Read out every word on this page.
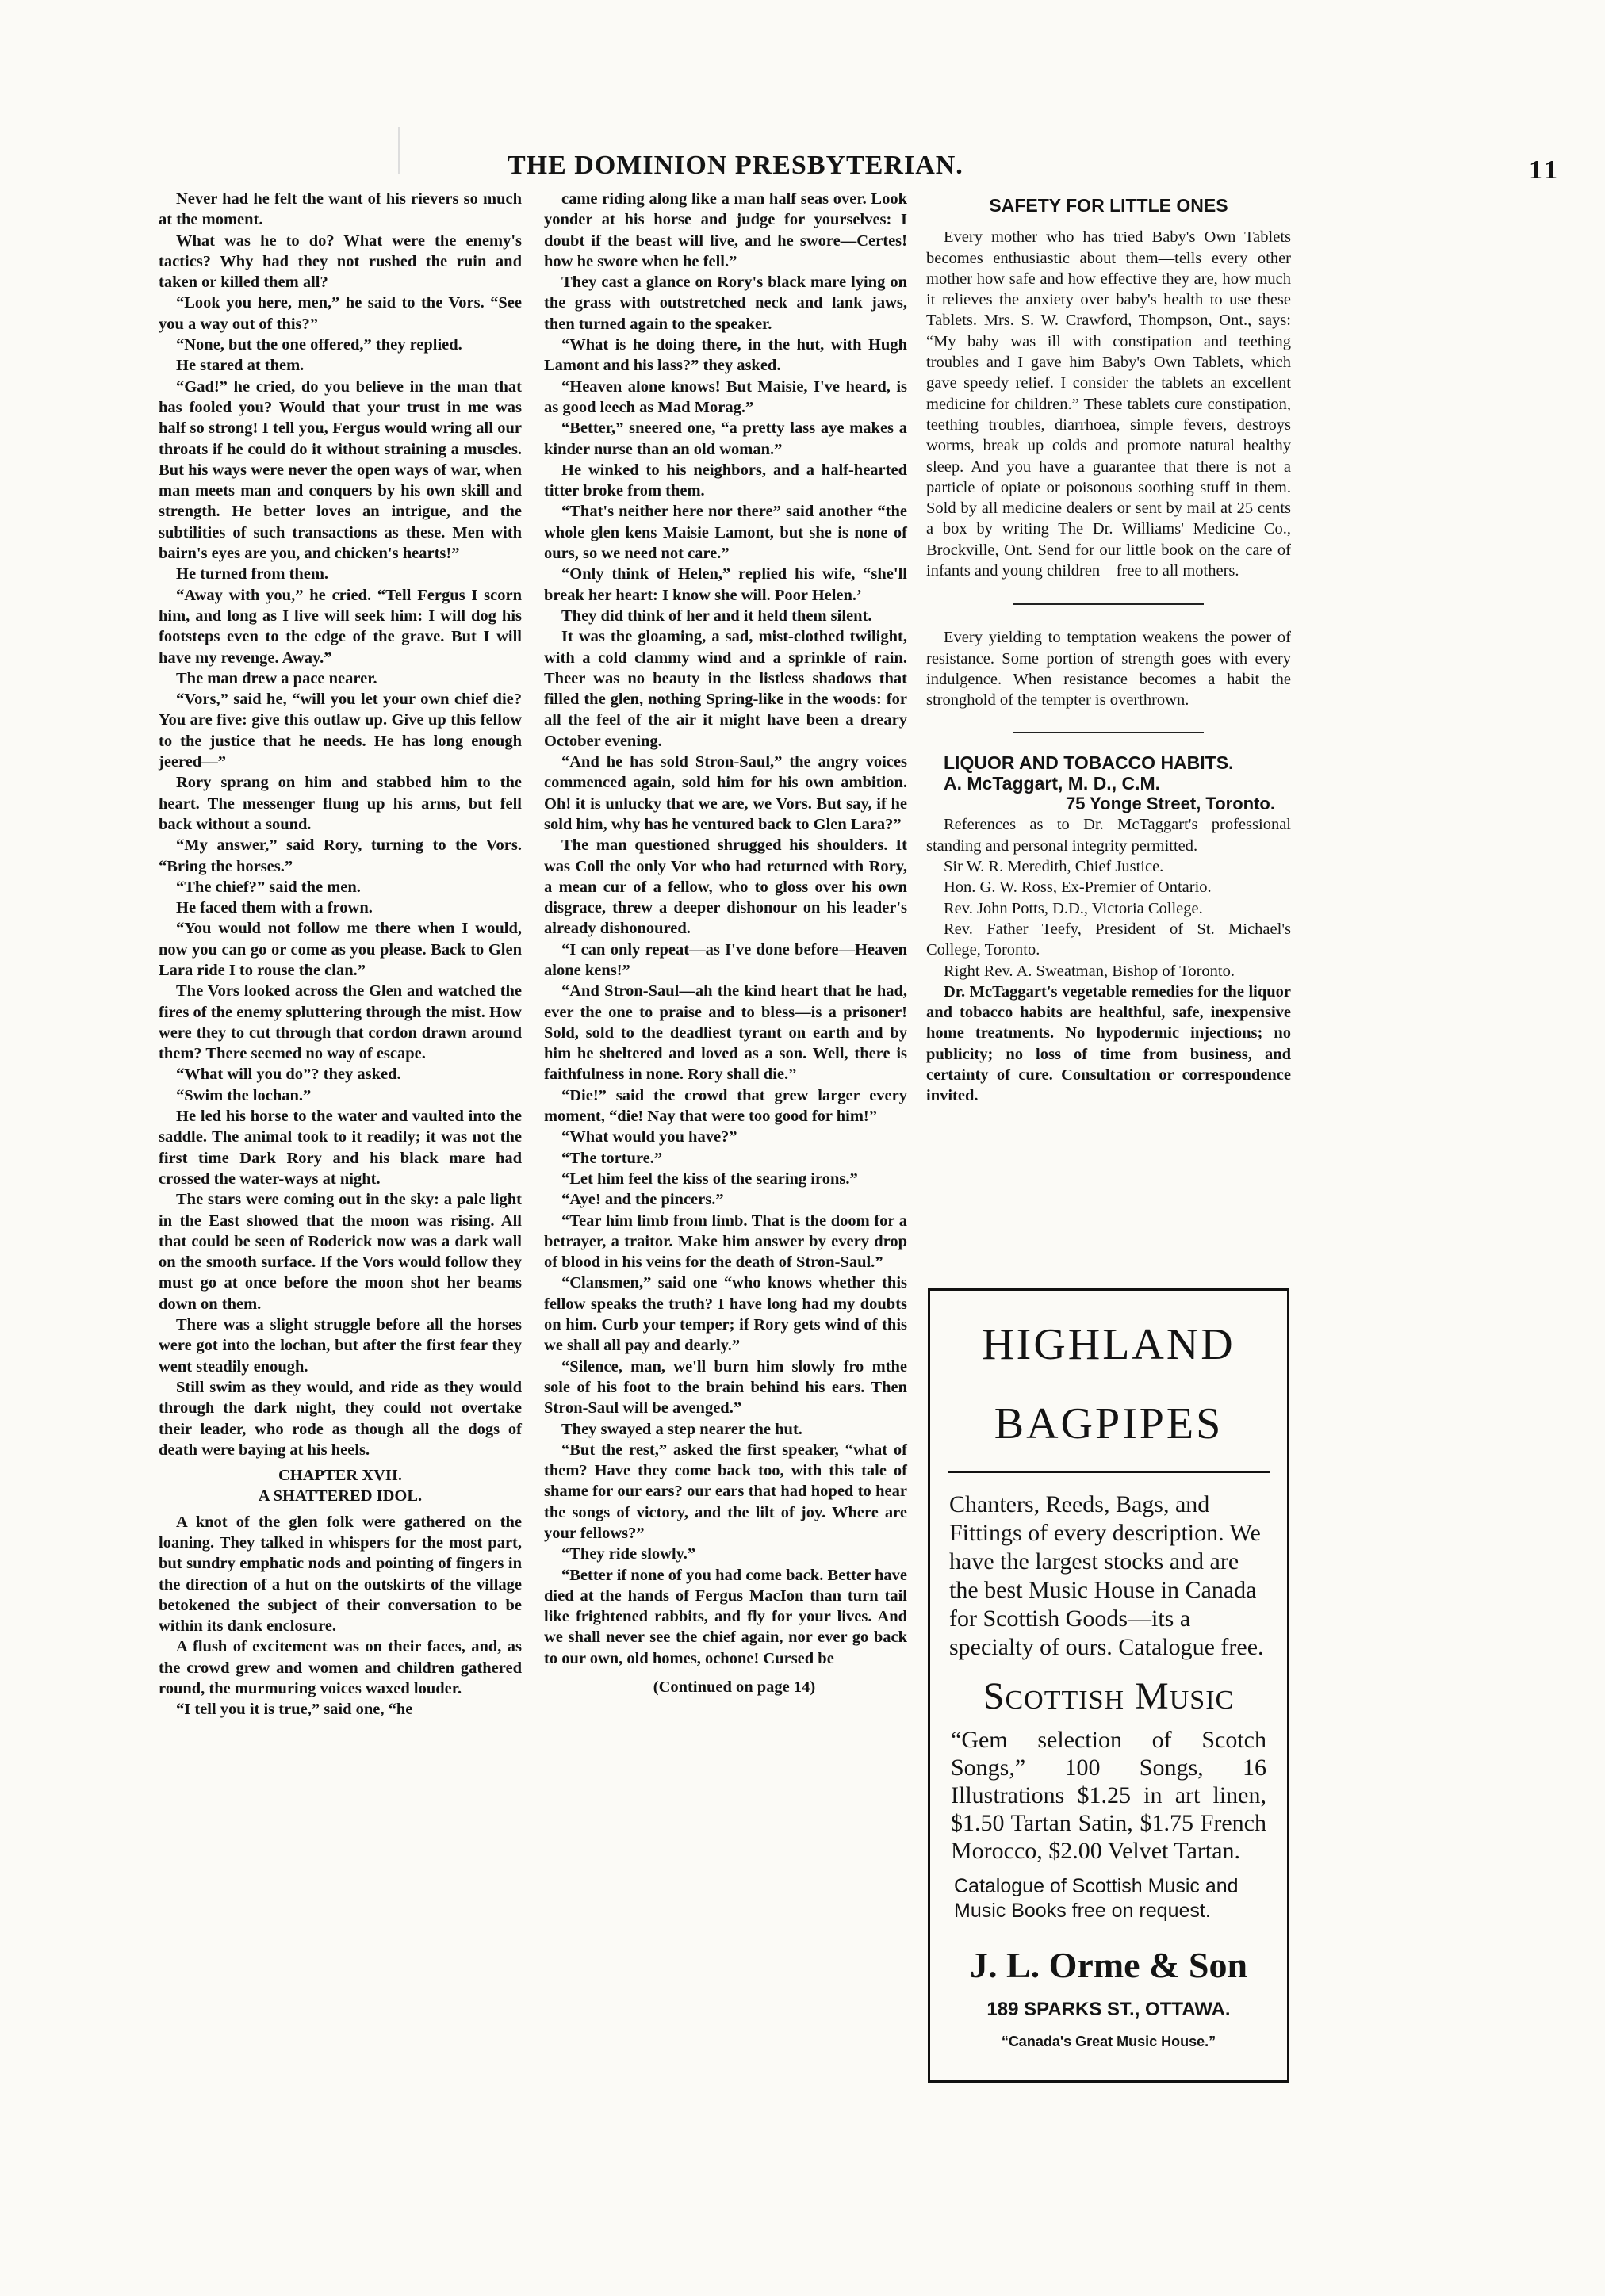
THE DOMINION PRESBYTERIAN.	11

Never had he felt the want of his rievers so much at the moment.

What was he to do? What were the enemy's tactics? Why had they not rushed the ruin and taken or killed them all?

“Look you here, men,” he said to the Vors. “See you a way out of this?”

“None, but the one offered,” they replied.

He stared at them.

“Gad!” he cried, do you believe in the man that has fooled you? Would that your trust in me was half so strong! I tell you, Fergus would wring all our throats if he could do it without straining a muscles. But his ways were never the open ways of war, when man meets man and conquers by his own skill and strength. He better loves an intrigue, and the subtilities of such transactions as these. Men with bairn's eyes are you, and chicken's hearts!”

He turned from them.

“Away with you,” he cried. “Tell Fergus I scorn him, and long as I live will seek him: I will dog his footsteps even to the edge of the grave. But I will have my revenge. Away.”

The man drew a pace nearer.

“Vors,” said he, “will you let your own chief die? You are five: give this outlaw up. Give up this fellow to the justice that he needs. He has long enough jeered—”

Rory sprang on him and stabbed him to the heart. The messenger flung up his arms, but fell back without a sound.

“My answer,” said Rory, turning to the Vors. “Bring the horses.”

“The chief?” said the men.

He faced them with a frown.

“You would not follow me there when I would, now you can go or come as you please. Back to Glen Lara ride I to rouse the clan.”

The Vors looked across the Glen and watched the fires of the enemy spluttering through the mist. How were they to cut through that cordon drawn around them? There seemed no way of escape.

“What will you do”? they asked.

“Swim the lochan.”

He led his horse to the water and vaulted into the saddle. The animal took to it readily; it was not the first time Dark Rory and his black mare had crossed the water-ways at night.

The stars were coming out in the sky: a pale light in the East showed that the moon was rising. All that could be seen of Roderick now was a dark wall on the smooth surface. If the Vors would follow they must go at once before the moon shot her beams down on them.

There was a slight struggle before all the horses were got into the lochan, but after the first fear they went steadily enough.

Still swim as they would, and ride as they would through the dark night, they could not overtake their leader, who rode as though all the dogs of death were baying at his heels.

CHAPTER XVII.

A SHATTERED IDOL.

A knot of the glen folk were gathered on the loaning. They talked in whispers for the most part, but sundry emphatic nods and pointing of fingers in the direction of a hut on the outskirts of the village betokened the subject of their conversation to be within its dank enclosure.

A flush of excitement was on their faces, and, as the crowd grew and women and children gathered round, the murmuring voices waxed louder.

“I tell you it is true,” said one, “he

came riding along like a man half seas over. Look yonder at his horse and judge for yourselves: I doubt if the beast will live, and he swore—Certes! how he swore when he fell.”

They cast a glance on Rory's black mare lying on the grass with outstretched neck and lank jaws, then turned again to the speaker.

“What is he doing there, in the hut, with Hugh Lamont and his lass?” they asked.

“Heaven alone knows! But Maisie, I've heard, is as good leech as Mad Morag.”

“Better,” sneered one, “a pretty lass aye makes a kinder nurse than an old woman.”

He winked to his neighbors, and a half-hearted titter broke from them.

“That's neither here nor there” said another “the whole glen kens Maisie Lamont, but she is none of ours, so we need not care.”

“Only think of Helen,” replied his wife, “she'll break her heart: I know she will. Poor Helen.’

They did think of her and it held them silent.

It was the gloaming, a sad, mist-clothed twilight, with a cold clammy wind and a sprinkle of rain. Theer was no beauty in the listless shadows that filled the glen, nothing Spring-like in the woods: for all the feel of the air it might have been a dreary October evening.

“And he has sold Stron-Saul,” the angry voices commenced again, sold him for his own ambition. Oh! it is unlucky that we are, we Vors. But say, if he sold him, why has he ventured back to Glen Lara?”

The man questioned shrugged his shoulders. It was Coll the only Vor who had returned with Rory, a mean cur of a fellow, who to gloss over his own disgrace, threw a deeper dishonour on his leader's already dishonoured.

“I can only repeat—as I've done before—Heaven alone kens!”

“And Stron-Saul—ah the kind heart that he had, ever the one to praise and to bless—is a prisoner! Sold, sold to the deadliest tyrant on earth and by him he sheltered and loved as a son. Well, there is faithfulness in none. Rory shall die.”

“Die!” said the crowd that grew larger every moment, “die! Nay that were too good for him!”

“What would you have?”

“The torture.”

“Let him feel the kiss of the searing irons.”

“Aye! and the pincers.”

“Tear him limb from limb. That is the doom for a betrayer, a traitor. Make him answer by every drop of blood in his veins for the death of Stron-Saul.”

“Clansmen,” said one “who knows whether this fellow speaks the truth? I have long had my doubts on him. Curb your temper; if Rory gets wind of this we shall all pay and dearly.”

“Silence, man, we'll burn him slowly fro mthe sole of his foot to the brain behind his ears. Then Stron-Saul will be avenged.”

They swayed a step nearer the hut.

“But the rest,” asked the first speaker, “what of them? Have they come back too, with this tale of shame for our ears? our ears that had hoped to hear the songs of victory, and the lilt of joy. Where are your fellows?”

“They ride slowly.”

“Better if none of you had come back. Better have died at the hands of Fergus MacIon than turn tail like frightened rabbits, and fly for your lives. And we shall never see the chief again, nor ever go back to our own, old homes, ochone! Cursed be

(Continued on page 14)

SAFETY FOR LITTLE ONES

Every mother who has tried Baby's Own Tablets becomes enthusiastic about them—tells every other mother how safe and how effective they are, how much it relieves the anxiety over baby's health to use these Tablets. Mrs. S. W. Crawford, Thompson, Ont., says: “My baby was ill with constipation and teething troubles and I gave him Baby's Own Tablets, which gave speedy relief. I consider the tablets an excellent medicine for children.” These tablets cure constipation, teething troubles, diarrhoea, simple fevers, destroys worms, break up colds and promote natural healthy sleep. And you have a guarantee that there is not a particle of opiate or poisonous soothing stuff in them. Sold by all medicine dealers or sent by mail at 25 cents a box by writing The Dr. Williams' Medicine Co., Brockville, Ont. Send for our little book on the care of infants and young children—free to all mothers.

Every yielding to temptation weakens the power of resistance. Some portion of strength goes with every indulgence. When resistance becomes a habit the stronghold of the tempter is overthrown.

LIQUOR AND TOBACCO HABITS.

A. McTaggart, M. D., C.M.

75 Yonge Street, Toronto.

References as to Dr. McTaggart's professional standing and personal integrity permitted.

Sir W. R. Meredith, Chief Justice.

Hon. G. W. Ross, Ex-Premier of Ontario.

Rev. John Potts, D.D., Victoria College.

Rev. Father Teefy, President of St. Michael's College, Toronto.

Right Rev. A. Sweatman, Bishop of Toronto.

Dr. McTaggart's vegetable remedies for the liquor and tobacco habits are healthful, safe, inexpensive home treatments. No hypodermic injections; no publicity; no loss of time from business, and certainty of cure. Consultation or correspondence invited.

HIGHLAND
BAGPIPES
Chanters, Reeds, Bags, and Fittings of every description. We have the largest stocks and are the best Music House in Canada for Scottish Goods—its a specialty of ours. Catalogue free.
Scottish Music
“Gem selection of Scotch Songs,” 100 Songs, 16 Illustrations $1.25 in art linen, $1.50 Tartan Satin, $1.75 French Morocco, $2.00 Velvet Tartan.
Catalogue of Scottish Music and Music Books free on request.
J. L. Orme & Son
189 SPARKS ST., OTTAWA.
“Canada's Great Music House.”
